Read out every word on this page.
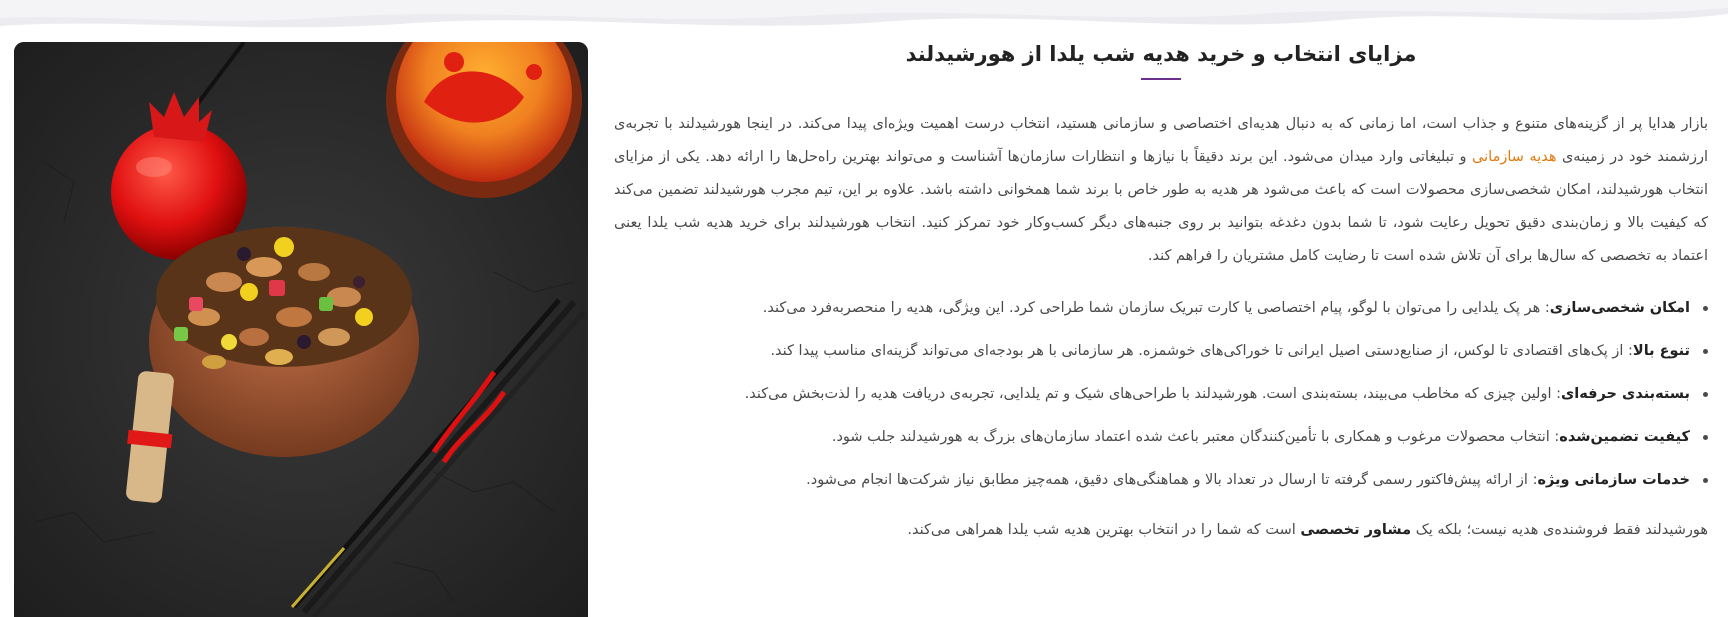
مزایای انتخاب و خرید هدیه شب یلدا از هورشیدلند

بازار هدایا پر از گزینه‌های متنوع و جذاب است، اما زمانی که به دنبال هدیه‌ای اختصاصی و سازمانی هستید، انتخاب درست اهمیت ویژه‌ای پیدا می‌کند. در اینجا هورشیدلند با تجربه‌ی ارزشمند خود در زمینه‌ی هدیه سازمانی و تبلیغاتی وارد میدان می‌شود. این برند دقیقاً با نیازها و انتظارات سازمان‌ها آشناست و می‌تواند بهترین راه‌حل‌ها را ارائه دهد. یکی از مزایای انتخاب هورشیدلند، امکان شخصی‌سازی محصولات است که باعث می‌شود هر هدیه به طور خاص با برند شما همخوانی داشته باشد. علاوه بر این، تیم مجرب هورشیدلند تضمین می‌کند که کیفیت بالا و زمان‌بندی دقیق تحویل رعایت شود، تا شما بدون دغدغه بتوانید بر روی جنبه‌های دیگر کسب‌وکار خود تمرکز کنید. انتخاب هورشیدلند برای خرید هدیه شب یلدا یعنی اعتماد به تخصصی که سال‌ها برای آن تلاش شده است تا رضایت کامل مشتریان را فراهم کند.

امکان شخصی‌سازی: هر پک یلدایی را می‌توان با لوگو، پیام اختصاصی یا کارت تبریک سازمان شما طراحی کرد. این ویژگی، هدیه را منحصربه‌فرد می‌کند.
تنوع بالا: از پک‌های اقتصادی تا لوکس، از صنایع‌دستی اصیل ایرانی تا خوراکی‌های خوشمزه. هر سازمانی با هر بودجه‌ای می‌تواند گزینه‌ای مناسب پیدا کند.
بسته‌بندی حرفه‌ای: اولین چیزی که مخاطب می‌بیند، بسته‌بندی است. هورشیدلند با طراحی‌های شیک و تم یلدایی، تجربه‌ی دریافت هدیه را لذت‌بخش می‌کند.
کیفیت تضمین‌شده: انتخاب محصولات مرغوب و همکاری با تأمین‌کنندگان معتبر باعث شده اعتماد سازمان‌های بزرگ به هورشیدلند جلب شود.
خدمات سازمانی ویژه: از ارائه پیش‌فاکتور رسمی گرفته تا ارسال در تعداد بالا و هماهنگی‌های دقیق، همه‌چیز مطابق نیاز شرکت‌ها انجام می‌شود.

هورشیدلند فقط فروشنده‌ی هدیه نیست؛ بلکه یک مشاور تخصصی است که شما را در انتخاب بهترین هدیه شب یلدا همراهی می‌کند.
